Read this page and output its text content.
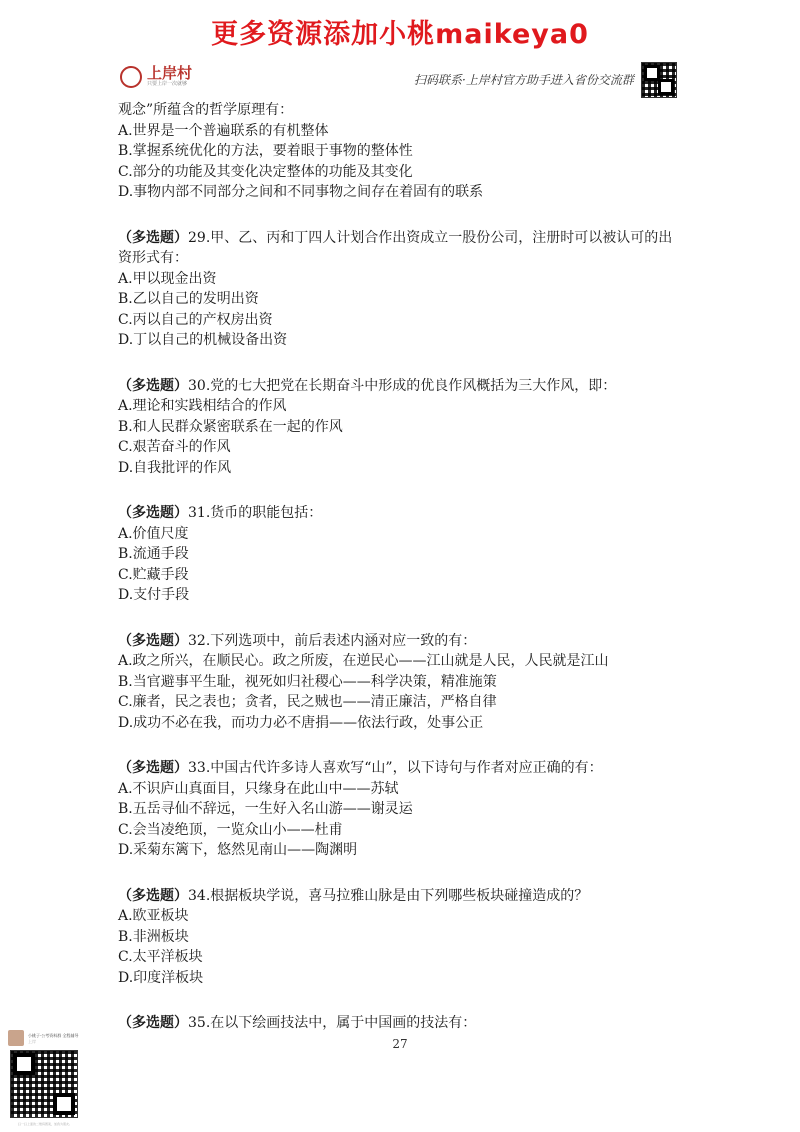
更多资源添加小桃maikeya0
上岸村
只要上岸一次就够	扫码联系·上岸村官方助手进入省份交流群
观念”所蕴含的哲学原理有：
A.世界是一个普遍联系的有机整体
B.掌握系统优化的方法，要着眼于事物的整体性
C.部分的功能及其变化决定整体的功能及其变化
D.事物内部不同部分之间和不同事物之间存在着固有的联系
（多选题）29.甲、乙、丙和丁四人计划合作出资成立一股份公司，注册时可以被认可的出
资形式有：
A.甲以现金出资
B.乙以自己的发明出资
C.丙以自己的产权房出资
D.丁以自己的机械设备出资
（多选题）30.党的七大把党在长期奋斗中形成的优良作风概括为三大作风，即：
A.理论和实践相结合的作风
B.和人民群众紧密联系在一起的作风
C.艰苦奋斗的作风
D.自我批评的作风
（多选题）31.货币的职能包括：
A.价值尺度
B.流通手段
C.贮藏手段
D.支付手段
（多选题）32.下列选项中，前后表述内涵对应一致的有：
A.政之所兴，在顺民心。政之所废，在逆民心——江山就是人民，人民就是江山
B.当官避事平生耻，视死如归社稷心——科学决策，精准施策
C.廉者，民之表也；贪者，民之贼也——清正廉洁，严格自律
D.成功不必在我，而功力必不唐捐——依法行政，处事公正
（多选题）33.中国古代许多诗人喜欢写“山”，以下诗句与作者对应正确的有：
A.不识庐山真面目，只缘身在此山中——苏轼
B.五岳寻仙不辞远，一生好入名山游——谢灵运
C.会当凌绝顶，一览众山小——杜甫
D.采菊东篱下，悠然见南山——陶渊明
（多选题）34.根据板块学说，喜马拉雅山脉是由下列哪些板块碰撞造成的？
A.欧亚板块
B.非洲板块
C.太平洋板块
D.印度洋板块
（多选题）35.在以下绘画技法中，属于中国画的技法有：
27
小桃子·公考资料群 全程辅导
上岸
扫一扫上面的二维码图案，加我为朋友。
